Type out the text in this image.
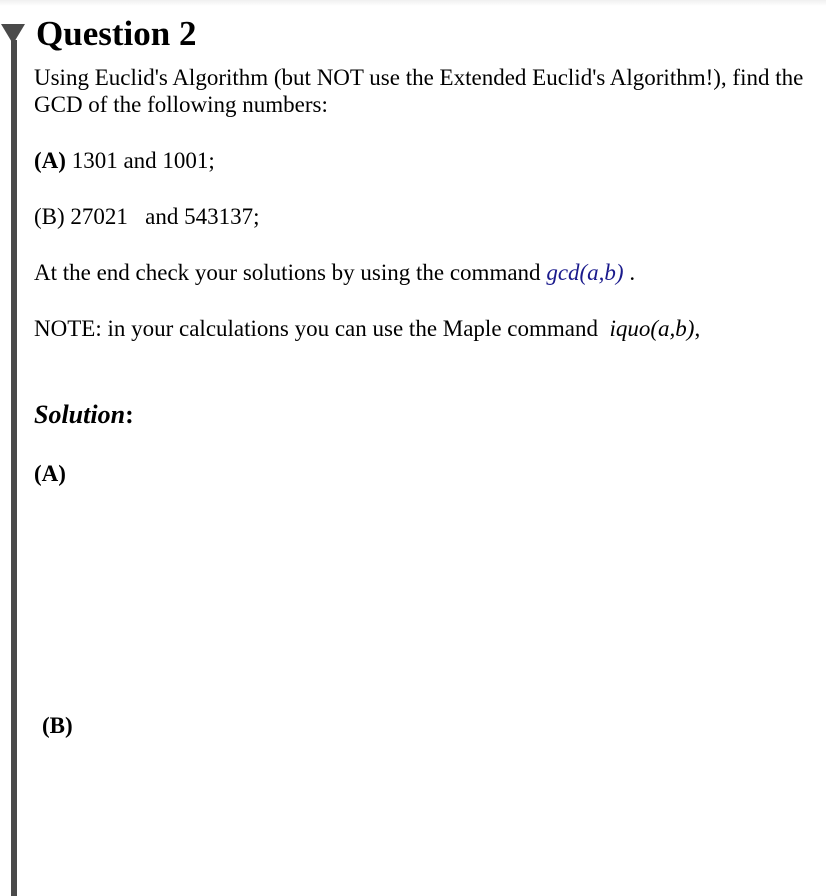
Question 2

Using Euclid's Algorithm (but NOT use the Extended Euclid's Algorithm!), find the GCD of the following numbers:

(A) 1301 and 1001;

(B) 27021   and 543137;

At the end check your solutions by using the command gcd(a,b) .

NOTE: in your calculations you can use the Maple command  iquo(a,b),

Solution:

(A)

(B)
